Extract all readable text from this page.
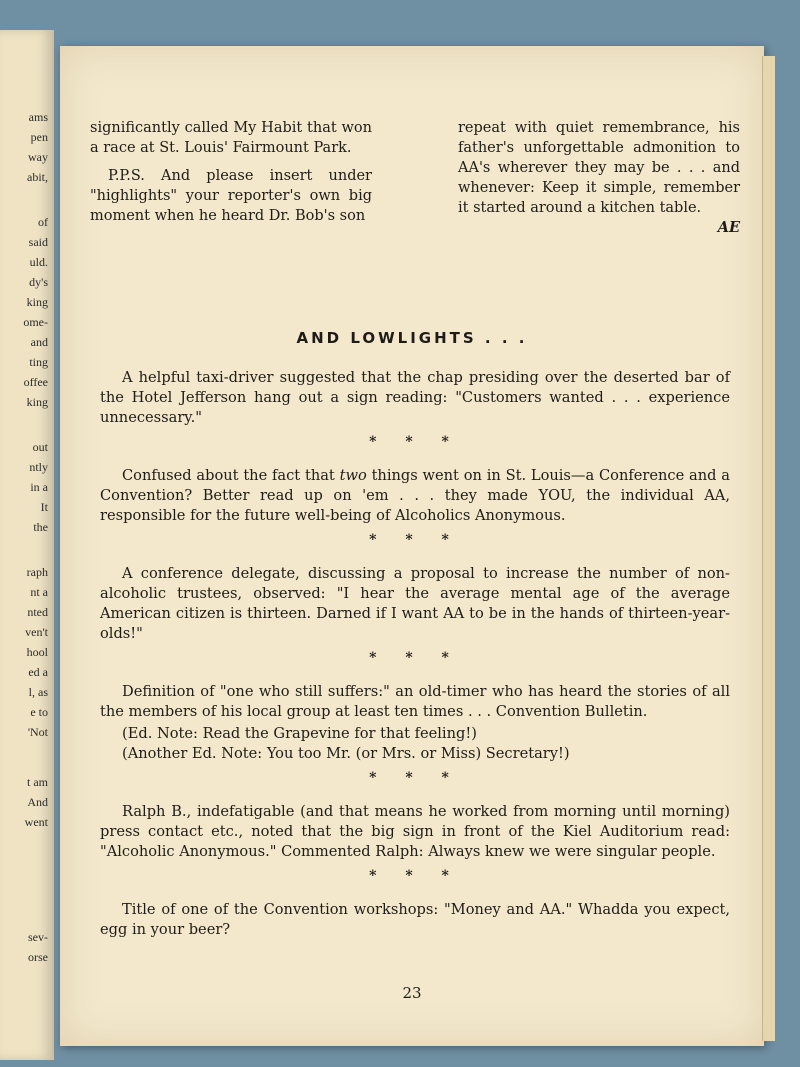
ams
pen
way
abit,
of
said
uld.
dy's
king
ome-
and
ting
offee
king
out
ntly
in a
It
the
raph
nt a
nted
ven't
hool
ed a
l, as
e to
'Not
t am
And
went
sev-
orse

significantly called My Habit that won a race at St. Louis' Fairmount Park.

P.P.S. And please insert under "highlights" your reporter's own big moment when he heard Dr. Bob's son

repeat with quiet remembrance, his father's unforgettable admonition to AA's wherever they may be . . . and whenever: Keep it simple, remember it started around a kitchen table.

AE

AND LOWLIGHTS . . .

A helpful taxi-driver suggested that the chap presiding over the deserted bar of the Hotel Jefferson hang out a sign reading: "Customers wanted . . . experience unnecessary."

* * *

Confused about the fact that two things went on in St. Louis—a Conference and a Convention? Better read up on 'em . . . they made YOU, the individual AA, responsible for the future well-being of Alcoholics Anonymous.

* * *

A conference delegate, discussing a proposal to increase the number of non-alcoholic trustees, observed: "I hear the average mental age of the average American citizen is thirteen. Darned if I want AA to be in the hands of thirteen-year-olds!"

* * *

Definition of "one who still suffers:" an old-timer who has heard the stories of all the members of his local group at least ten times . . . Convention Bulletin.

(Ed. Note: Read the Grapevine for that feeling!)

(Another Ed. Note: You too Mr. (or Mrs. or Miss) Secretary!)

* * *

Ralph B., indefatigable (and that means he worked from morning until morning) press contact etc., noted that the big sign in front of the Kiel Auditorium read: "Alcoholic Anonymous." Commented Ralph: Always knew we were singular people.

* * *

Title of one of the Convention workshops: "Money and AA." Whadda you expect, egg in your beer?

23
